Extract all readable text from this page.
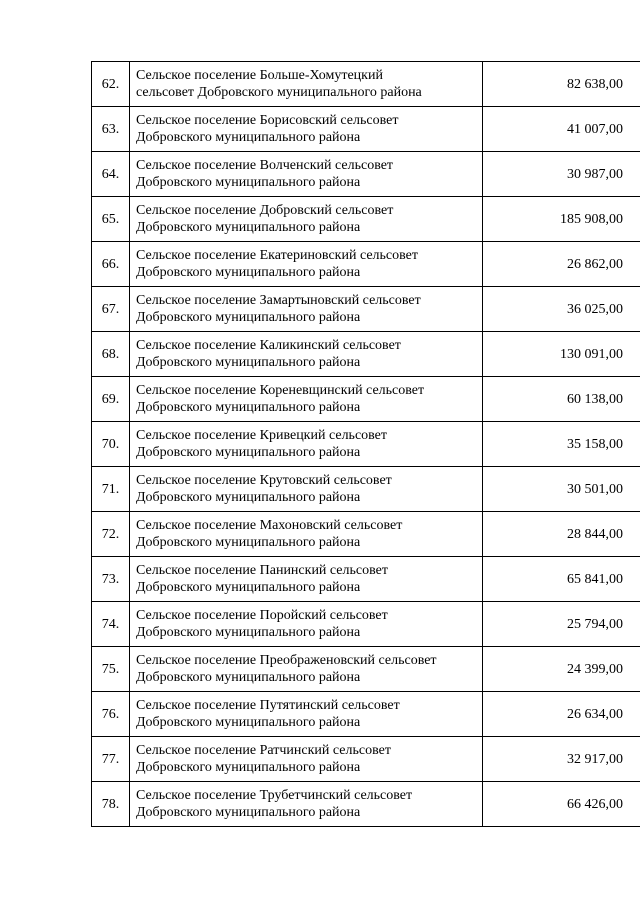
62.	Сельское поселение Больше-Хомутецкий
сельсовет Добровского муниципального района	82 638,00
63.	Сельское поселение Борисовский сельсовет
Добровского муниципального района	41 007,00
64.	Сельское поселение Волченский сельсовет
Добровского муниципального района	30 987,00
65.	Сельское поселение Добровский сельсовет
Добровского муниципального района	185 908,00
66.	Сельское поселение Екатериновский сельсовет
Добровского муниципального района	26 862,00
67.	Сельское поселение Замартыновский сельсовет
Добровского муниципального района	36 025,00
68.	Сельское поселение Каликинский сельсовет
Добровского муниципального района	130 091,00
69.	Сельское поселение Кореневщинский сельсовет
Добровского муниципального района	60 138,00
70.	Сельское поселение Кривецкий сельсовет
Добровского муниципального района	35 158,00
71.	Сельское поселение Крутовский сельсовет
Добровского муниципального района	30 501,00
72.	Сельское поселение Махоновский сельсовет
Добровского муниципального района	28 844,00
73.	Сельское поселение Панинский сельсовет
Добровского муниципального района	65 841,00
74.	Сельское поселение Поройский сельсовет
Добровского муниципального района	25 794,00
75.	Сельское поселение Преображеновский сельсовет
Добровского муниципального района	24 399,00
76.	Сельское поселение Путятинский сельсовет
Добровского муниципального района	26 634,00
77.	Сельское поселение Ратчинский сельсовет
Добровского муниципального района	32 917,00
78.	Сельское поселение Трубетчинский сельсовет
Добровского муниципального района	66 426,00
